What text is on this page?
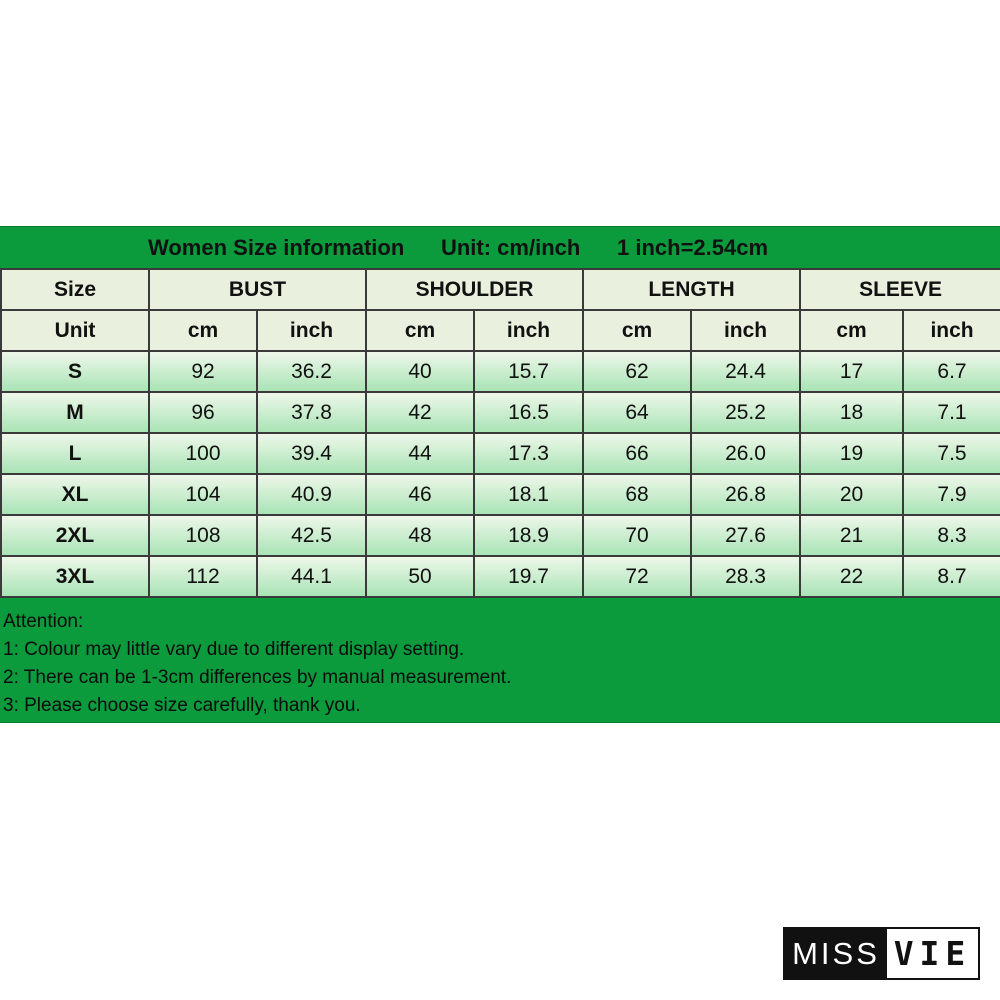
Women Size information
Unit: cm/inch
1 inch=2.54cm
Size	BUST		SHOULDER		LENGTH		SLEEVE	
Unit	cm	inch	cm	inch	cm	inch	cm	inch
S	92	36.2	40	15.7	62	24.4	17	6.7
M	96	37.8	42	16.5	64	25.2	18	7.1
L	100	39.4	44	17.3	66	26.0	19	7.5
XL	104	40.9	46	18.1	68	26.8	20	7.9
2XL	108	42.5	48	18.9	70	27.6	21	8.3
3XL	112	44.1	50	19.7	72	28.3	22	8.7
Attention:
1: Colour may little vary due to different display setting.
2: There can be 1-3cm differences by manual measurement.
3: Please choose size carefully, thank you.
MISS VIE
